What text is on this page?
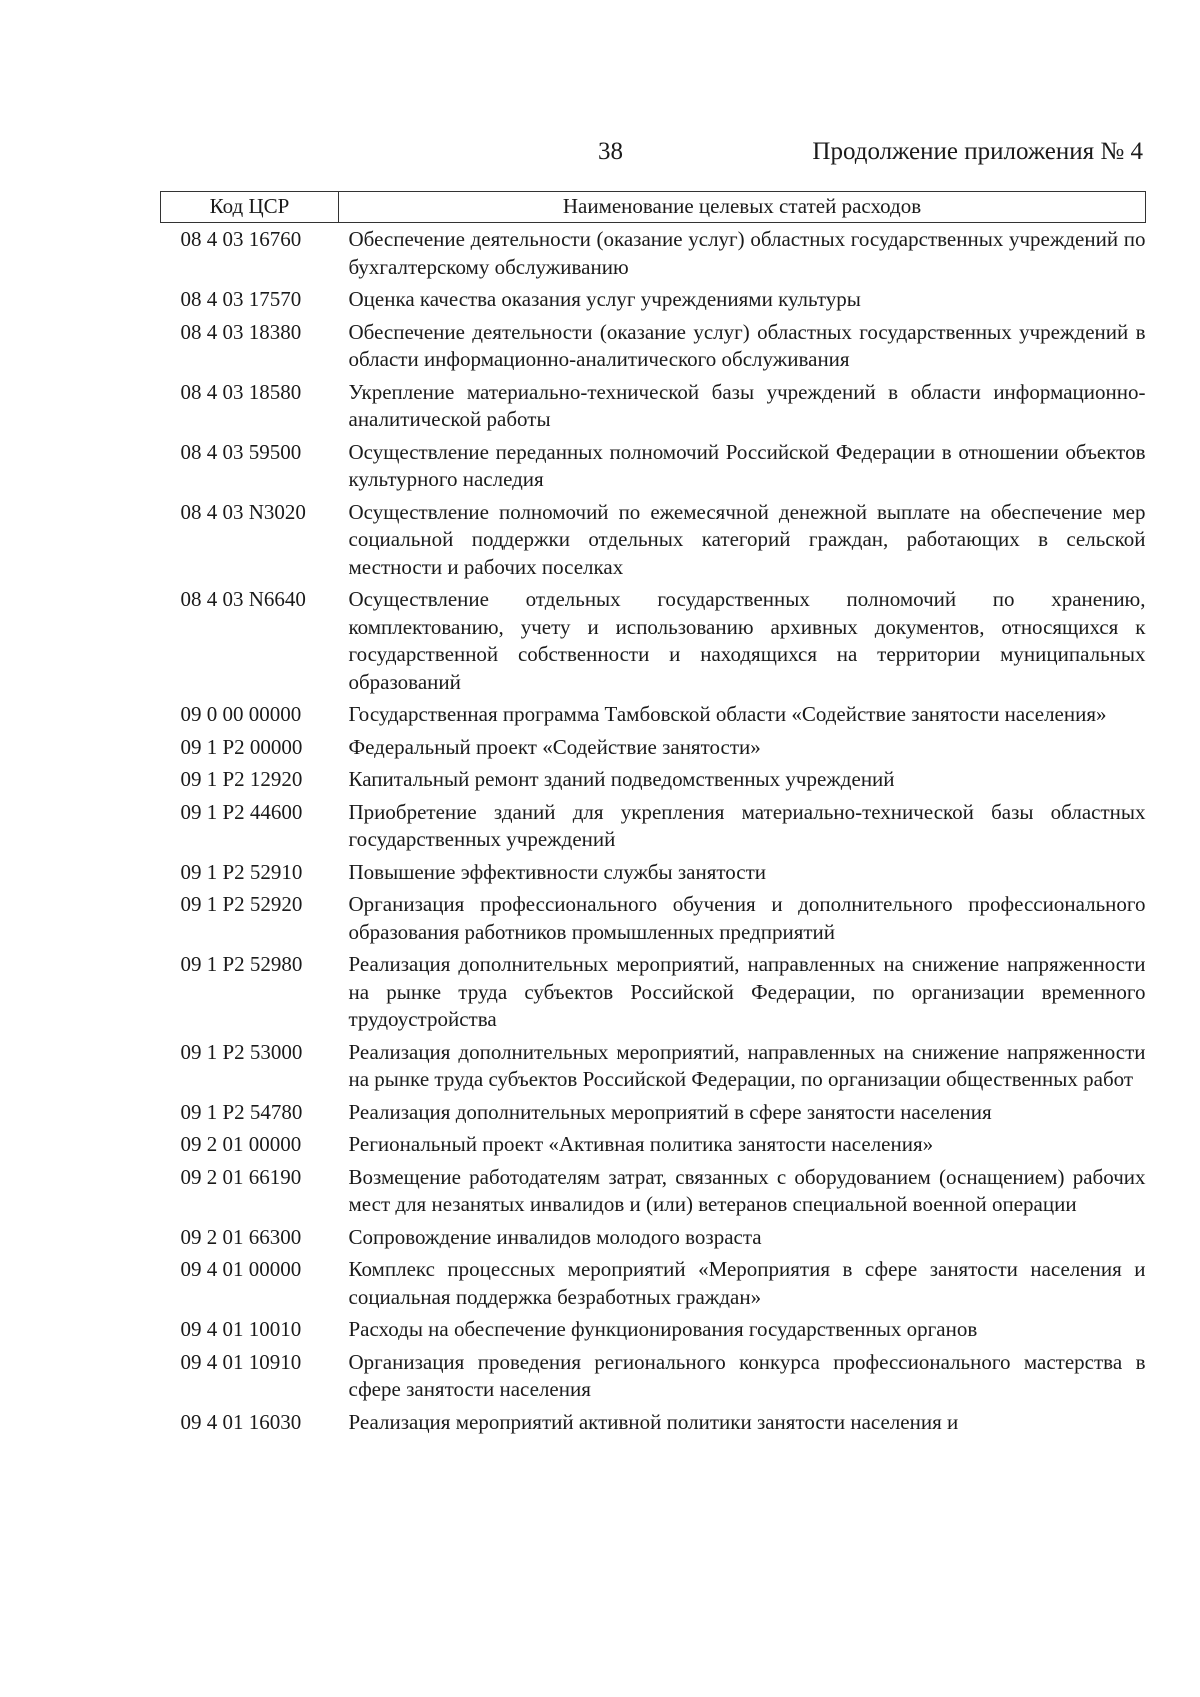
38	Продолжение приложения № 4
Код ЦСР	Наименование целевых статей расходов
08 4 03 16760	Обеспечение деятельности (оказание услуг) областных государственных учреждений по бухгалтерскому обслуживанию
08 4 03 17570	Оценка качества оказания услуг учреждениями культуры
08 4 03 18380	Обеспечение деятельности (оказание услуг) областных государственных учреждений в области информационно-аналитического обслуживания
08 4 03 18580	Укрепление материально-технической базы учреждений в области информационно-аналитической работы
08 4 03 59500	Осуществление переданных полномочий Российской Федерации в отношении объектов культурного наследия
08 4 03 N3020	Осуществление полномочий по ежемесячной денежной выплате на обеспечение мер социальной поддержки отдельных категорий граждан, работающих в сельской местности и рабочих поселках
08 4 03 N6640	Осуществление отдельных государственных полномочий по хранению, комплектованию, учету и использованию архивных документов, относящихся к государственной собственности и находящихся на территории муниципальных образований
09 0 00 00000	Государственная программа Тамбовской области «Содействие занятости населения»
09 1 P2 00000	Федеральный проект «Содействие занятости»
09 1 P2 12920	Капитальный ремонт зданий подведомственных учреждений
09 1 P2 44600	Приобретение зданий для укрепления материально-технической базы областных государственных учреждений
09 1 P2 52910	Повышение эффективности службы занятости
09 1 P2 52920	Организация профессионального обучения и дополнительного профессионального образования работников промышленных предприятий
09 1 P2 52980	Реализация дополнительных мероприятий, направленных на снижение напряженности на рынке труда субъектов Российской Федерации, по организации временного трудоустройства
09 1 P2 53000	Реализация дополнительных мероприятий, направленных на снижение напряженности на рынке труда субъектов Российской Федерации, по организации общественных работ
09 1 P2 54780	Реализация дополнительных мероприятий в сфере занятости населения
09 2 01 00000	Региональный проект «Активная политика занятости населения»
09 2 01 66190	Возмещение работодателям затрат, связанных с оборудованием (оснащением) рабочих мест для незанятых инвалидов и (или) ветеранов специальной военной операции
09 2 01 66300	Сопровождение инвалидов молодого возраста
09 4 01 00000	Комплекс процессных мероприятий «Мероприятия в сфере занятости населения и социальная поддержка безработных граждан»
09 4 01 10010	Расходы на обеспечение функционирования государственных органов
09 4 01 10910	Организация проведения регионального конкурса профессионального мастерства в сфере занятости населения
09 4 01 16030	Реализация мероприятий активной политики занятости населения и
